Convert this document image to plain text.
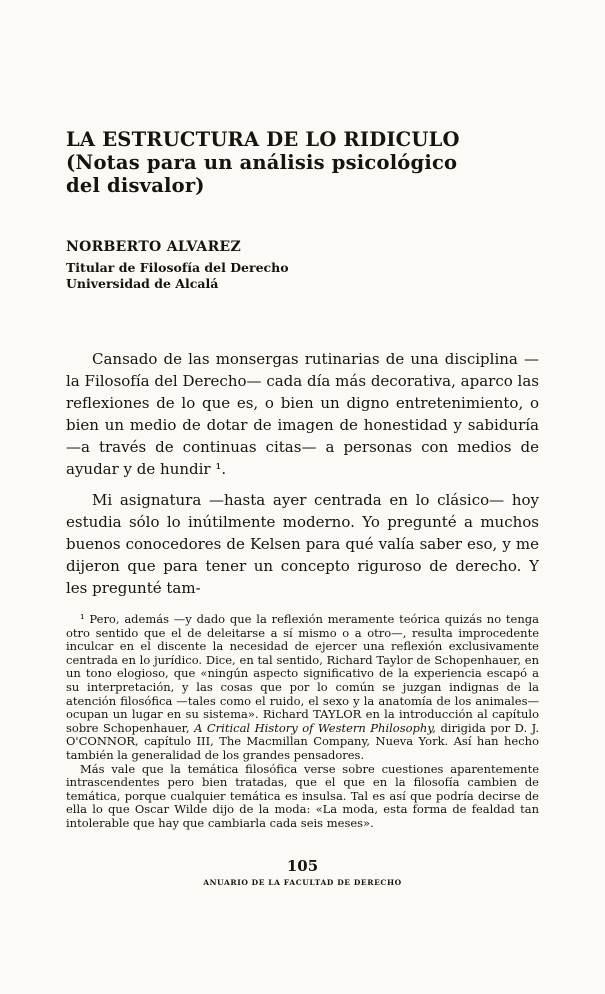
LA ESTRUCTURA DE LO RIDICULO
(Notas para un análisis psicológico
del disvalor)

NORBERTO ALVAREZ

Titular de Filosofía del Derecho

Universidad de Alcalá

Cansado de las monsergas rutinarias de una disciplina —la Filosofía del Derecho— cada día más decorativa, aparco las reflexiones de lo que es, o bien un digno entretenimiento, o bien un medio de dotar de imagen de honestidad y sabiduría —a través de continuas citas— a personas con medios de ayudar y de hundir ¹.

Mi asignatura —hasta ayer centrada en lo clásico— hoy estudia sólo lo inútilmente moderno. Yo pregunté a muchos buenos conocedores de Kelsen para qué valía saber eso, y me dijeron que para tener un concepto riguroso de derecho. Y les pregunté tam-

¹ Pero, además —y dado que la reflexión meramente teórica quizás no tenga otro sentido que el de deleitarse a sí mismo o a otro—, resulta improcedente inculcar en el discente la necesidad de ejercer una reflexión exclusivamente centrada en lo jurídico. Dice, en tal sentido, Richard Taylor de Schopenhauer, en un tono elogioso, que «ningún aspecto significativo de la experiencia escapó a su interpretación, y las cosas que por lo común se juzgan indignas de la atención filosófica —tales como el ruido, el sexo y la anatomía de los animales— ocupan un lugar en su sistema». Richard TAYLOR en la introducción al capítulo sobre Schopenhauer, A Critical History of Western Philosophy, dirigida por D. J. O'CONNOR, capítulo III, The Macmillan Company, Nueva York. Así han hecho también la generalidad de los grandes pensadores.

Más vale que la temática filosófica verse sobre cuestiones aparentemente intrascendentes pero bien tratadas, que el que en la filosofía cambien de temática, porque cualquier temática es insulsa. Tal es así que podría decirse de ella lo que Oscar Wilde dijo de la moda: «La moda, esta forma de fealdad tan intolerable que hay que cambiarla cada seis meses».

105
ANUARIO DE LA FACULTAD DE DERECHO
